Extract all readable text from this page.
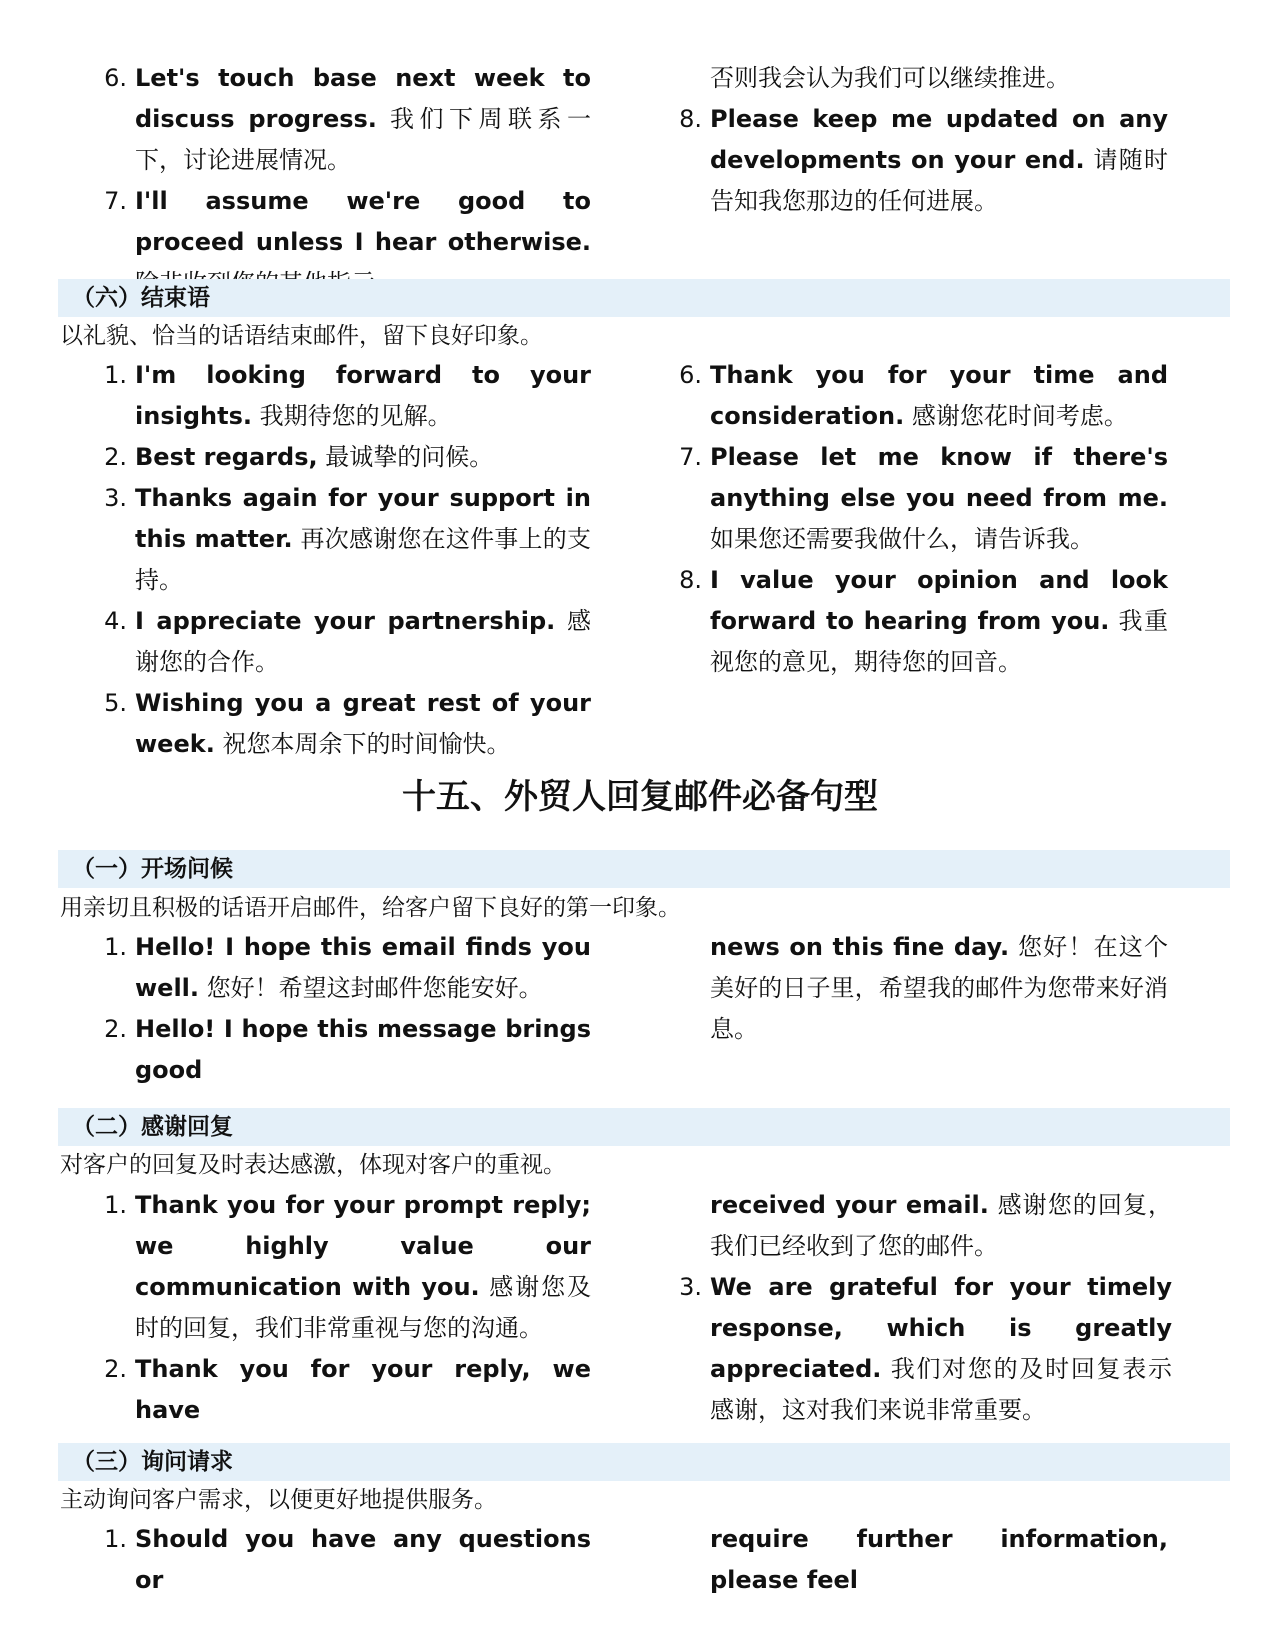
6. Let's touch base next week to discuss progress. 我们下周联系一下，讨论进展情况。
7. I'll assume we're good to proceed unless I hear otherwise.
否则我会认为我们可以继续推进。
8. Please keep me updated on any developments on your end. 请随时告知我您那边的任何进展。
（六）结束语
以礼貌、恰当的话语结束邮件，留下良好印象。
1. I'm looking forward to your insights. 我期待您的见解。
2. Best regards, 最诚挚的问候。
3. Thanks again for your support in this matter. 再次感谢您在这件事上的支持。
4. I appreciate your partnership. 感谢您的合作。
5. Wishing you a great rest of your week. 祝您本周余下的时间愉快。
6. Thank you for your time and consideration. 感谢您花时间考虑。
7. Please let me know if there's anything else you need from me. 如果您还需要我做什么，请告诉我。
8. I value your opinion and look forward to hearing from you. 我重视您的意见，期待您的回音。
十五、外贸人回复邮件必备句型
（一）开场问候
用亲切且积极的话语开启邮件，给客户留下良好的第一印象。
1. Hello! I hope this email finds you well. 您好！希望这封邮件您能安好。
2. Hello! I hope this message brings good
news on this fine day. 您好！在这个美好的日子里，希望我的邮件为您带来好消息。
（二）感谢回复
对客户的回复及时表达感激，体现对客户的重视。
1. Thank you for your prompt reply; we highly value our communication with you. 感谢您及时的回复，我们非常重视与您的沟通。
2. Thank you for your reply, we have
received your email. 感谢您的回复，我们已经收到了您的邮件。
3. We are grateful for your timely response, which is greatly appreciated. 我们对您的及时回复表示感谢，这对我们来说非常重要。
（三）询问请求
主动询问客户需求，以便更好地提供服务。
1. Should you have any questions or
require further information, please feel
